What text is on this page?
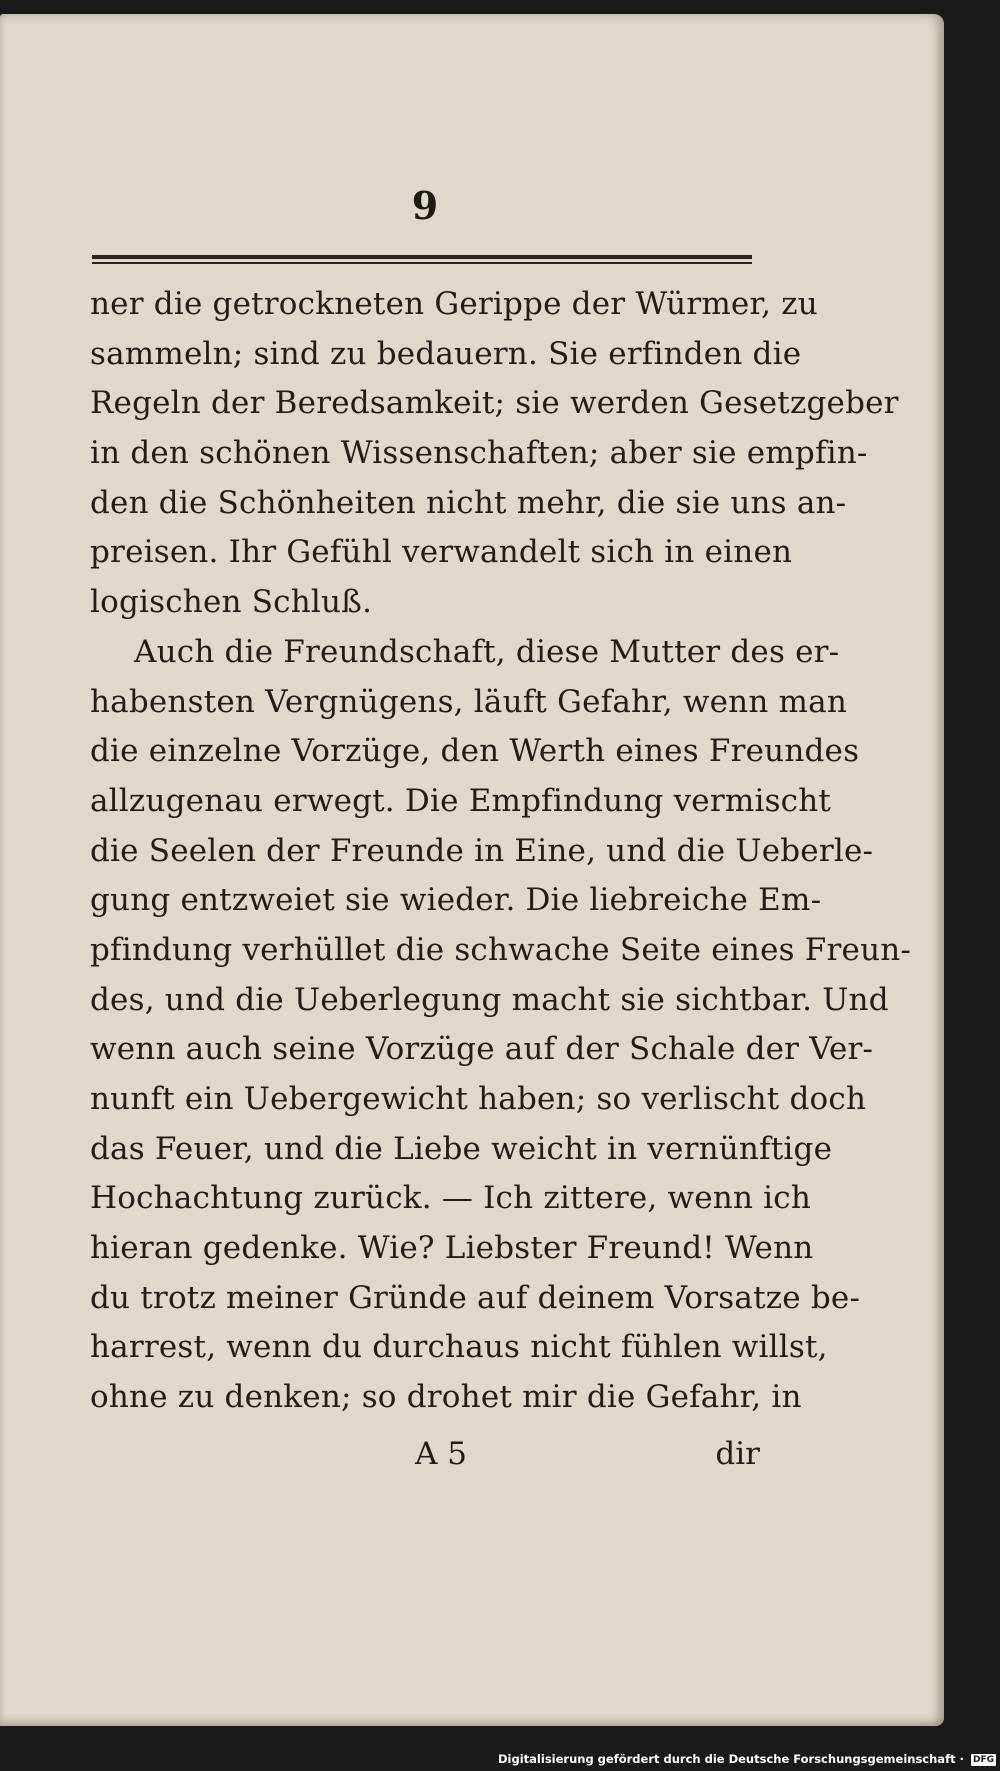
9
ner die getrockneten Gerippe der Würmer, zu
sammeln; sind zu bedauern. Sie erfinden die
Regeln der Beredsamkeit; sie werden Gesetzgeber
in den schönen Wissenschaften; aber sie empfin-
den die Schönheiten nicht mehr, die sie uns an-
preisen. Ihr Gefühl verwandelt sich in einen
logischen Schluß.
Auch die Freundschaft, diese Mutter des er-
habensten Vergnügens, läuft Gefahr, wenn man
die einzelne Vorzüge, den Werth eines Freundes
allzugenau erwegt. Die Empfindung vermischt
die Seelen der Freunde in Eine, und die Ueberle-
gung entzweiet sie wieder. Die liebreiche Em-
pfindung verhüllet die schwache Seite eines Freun-
des, und die Ueberlegung macht sie sichtbar. Und
wenn auch seine Vorzüge auf der Schale der Ver-
nunft ein Uebergewicht haben; so verlischt doch
das Feuer, und die Liebe weicht in vernünftige
Hochachtung zurück. — Ich zittere, wenn ich
hieran gedenke. Wie? Liebster Freund! Wenn
du trotz meiner Gründe auf deinem Vorsatze be-
harrest, wenn du durchaus nicht fühlen willst,
ohne zu denken; so drohet mir die Gefahr, in
A 5	dir
Digitalisierung gefördert durch die Deutsche Forschungsgemeinschaft · DFG
